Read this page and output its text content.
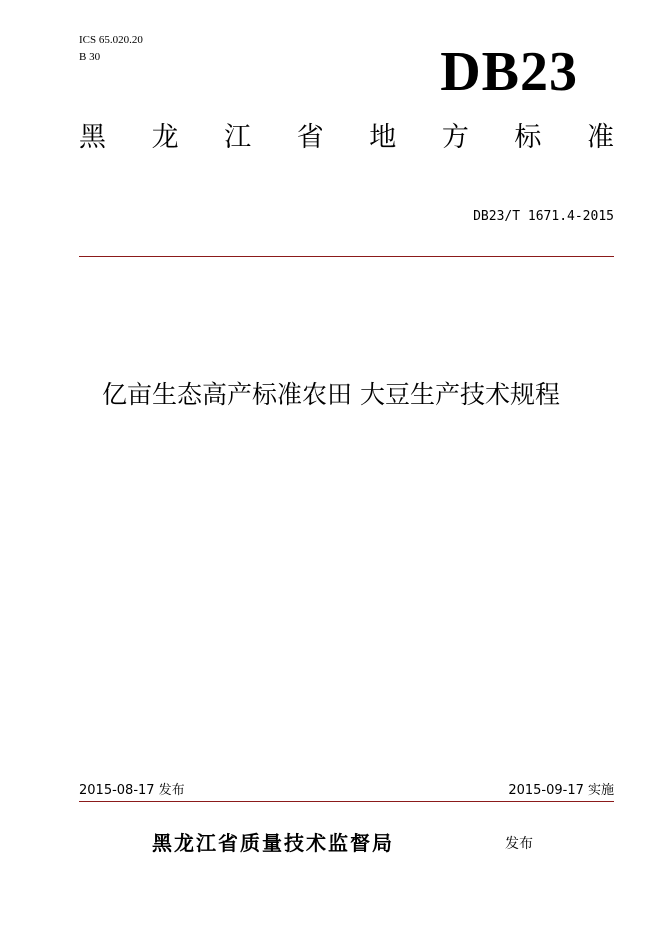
ICS 65.020.20
B 30	DB23
黑 龙 江 省 地 方 标 准
DB23/T 1671.4-2015
亿亩生态高产标准农田 大豆生产技术规程
2015-08-17 发布	2015-09-17 实施
黑龙江省质量技术监督局	发布
